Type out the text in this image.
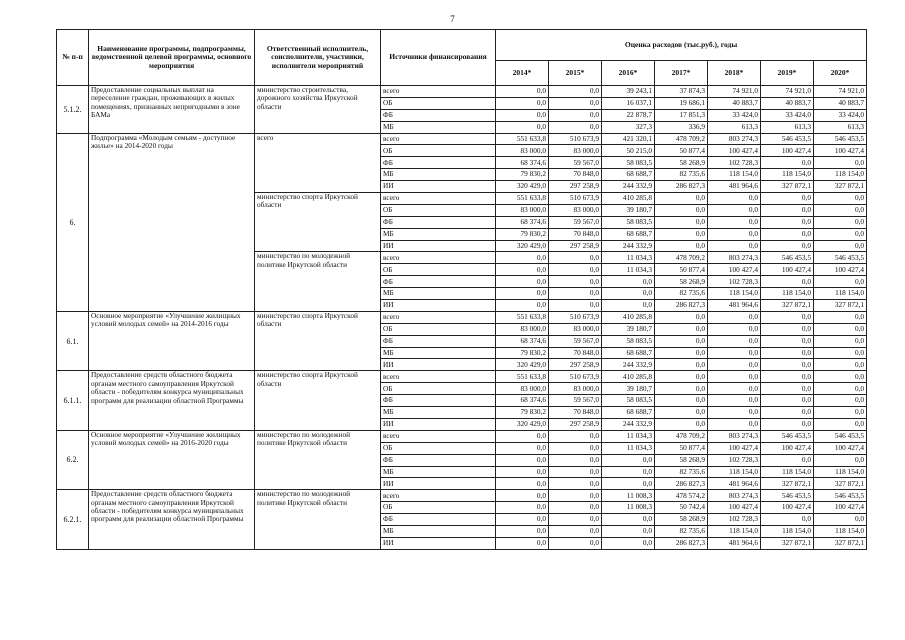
7
№ п-п	Наименование программы, подпрограммы, ведомственной целевой программы, основного мероприятия	Ответственный исполнитель, соисполнители, участники, исполнители мероприятий	Источники финансирования	Оценка расходов (тыс.руб.), годы						
				2014*	2015*	2016*	2017*	2018*	2019*	2020*
5.1.2.	Предоставление социальных выплат на переселение граждан, проживающих в жилых помещениях, признанных непригодными в зоне БАМа	министерство строительства, дорожного хозяйства Иркутской области	всего	0,0	0,0	39 243,1	37 874,3	74 921,0	74 921,0	74 921,0
			ОБ	0,0	0,0	16 037,1	19 686,1	40 883,7	40 883,7	40 883,7
			ФБ	0,0	0,0	22 878,7	17 851,3	33 424,0	33 424,0	33 424,0
			МБ	0,0	0,0	327,3	336,9	613,3	613,3	613,3
6.	Подпрограмма «Молодым семьям - доступное жилье» на 2014-2020 годы	всего	всего	551 633,8	510 673,9	421 320,1	478 709,2	803 274,3	546 453,5	546 453,5
			ОБ	83 000,0	83 000,0	50 215,0	50 877,4	100 427,4	100 427,4	100 427,4
			ФБ	68 374,6	59 567,0	58 083,5	58 268,9	102 728,3	0,0	0,0
			МБ	79 830,2	70 848,0	68 688,7	82 735,6	118 154,0	118 154,0	118 154,0
			ИИ	320 429,0	297 258,9	244 332,9	286 827,3	481 964,6	327 872,1	327 872,1
		министерство спорта Иркутской области	всего	551 633,8	510 673,9	410 285,8	0,0	0,0	0,0	0,0
			ОБ	83 000,0	83 000,0	39 180,7	0,0	0,0	0,0	0,0
			ФБ	68 374,6	59 567,0	58 083,5	0,0	0,0	0,0	0,0
			МБ	79 830,2	70 848,0	68 688,7	0,0	0,0	0,0	0,0
			ИИ	320 429,0	297 258,9	244 332,9	0,0	0,0	0,0	0,0
		министерство по молодежной политике Иркутской области	всего	0,0	0,0	11 034,3	478 709,2	803 274,3	546 453,5	546 453,5
			ОБ	0,0	0,0	11 034,3	50 877,4	100 427,4	100 427,4	100 427,4
			ФБ	0,0	0,0	0,0	58 268,9	102 728,3	0,0	0,0
			МБ	0,0	0,0	0,0	82 735,6	118 154,0	118 154,0	118 154,0
			ИИ	0,0	0,0	0,0	286 827,3	481 964,6	327 872,1	327 872,1
6.1.	Основное мероприятие «Улучшение жилищных условий молодых семей» на 2014-2016 годы	министерство спорта Иркутской области	всего	551 633,8	510 673,9	410 285,8	0,0	0,0	0,0	0,0
			ОБ	83 000,0	83 000,0	39 180,7	0,0	0,0	0,0	0,0
			ФБ	68 374,6	59 567,0	58 083,5	0,0	0,0	0,0	0,0
			МБ	79 830,2	70 848,0	68 688,7	0,0	0,0	0,0	0,0
			ИИ	320 429,0	297 258,9	244 332,9	0,0	0,0	0,0	0,0
6.1.1.	Предоставление средств областного бюджета органам местного самоуправления Иркутской области - победителям конкурса муниципальных программ для реализации областной Программы	министерство спорта Иркутской области	всего	551 633,8	510 673,9	410 285,8	0,0	0,0	0,0	0,0
			ОБ	83 000,0	83 000,0	39 180,7	0,0	0,0	0,0	0,0
			ФБ	68 374,6	59 567,0	58 083,5	0,0	0,0	0,0	0,0
			МБ	79 830,2	70 848,0	68 688,7	0,0	0,0	0,0	0,0
			ИИ	320 429,0	297 258,9	244 332,9	0,0	0,0	0,0	0,0
6.2.	Основное мероприятие «Улучшение жилищных условий молодых семей» на 2016-2020 годы	министерство по молодежной политике Иркутской области	всего	0,0	0,0	11 034,3	478 709,2	803 274,3	546 453,5	546 453,5
			ОБ	0,0	0,0	11 034,3	50 877,4	100 427,4	100 427,4	100 427,4
			ФБ	0,0	0,0	0,0	58 268,9	102 728,3	0,0	0,0
			МБ	0,0	0,0	0,0	82 735,6	118 154,0	118 154,0	118 154,0
			ИИ	0,0	0,0	0,0	286 827,3	481 964,6	327 872,1	327 872,1
6.2.1.	Предоставление средств областного бюджета органам местного самоуправления Иркутской области - победителям конкурса муниципальных программ для реализации областной Программы	министерство по молодежной политике Иркутской области	всего	0,0	0,0	11 008,3	478 574,2	803 274,3	546 453,5	546 453,5
			ОБ	0,0	0,0	11 008,3	50 742,4	100 427,4	100 427,4	100 427,4
			ФБ	0,0	0,0	0,0	58 268,9	102 728,3	0,0	0,0
			МБ	0,0	0,0	0,0	82 735,6	118 154,0	118 154,0	118 154,0
			ИИ	0,0	0,0	0,0	286 827,3	481 964,6	327 872,1	327 872,1
